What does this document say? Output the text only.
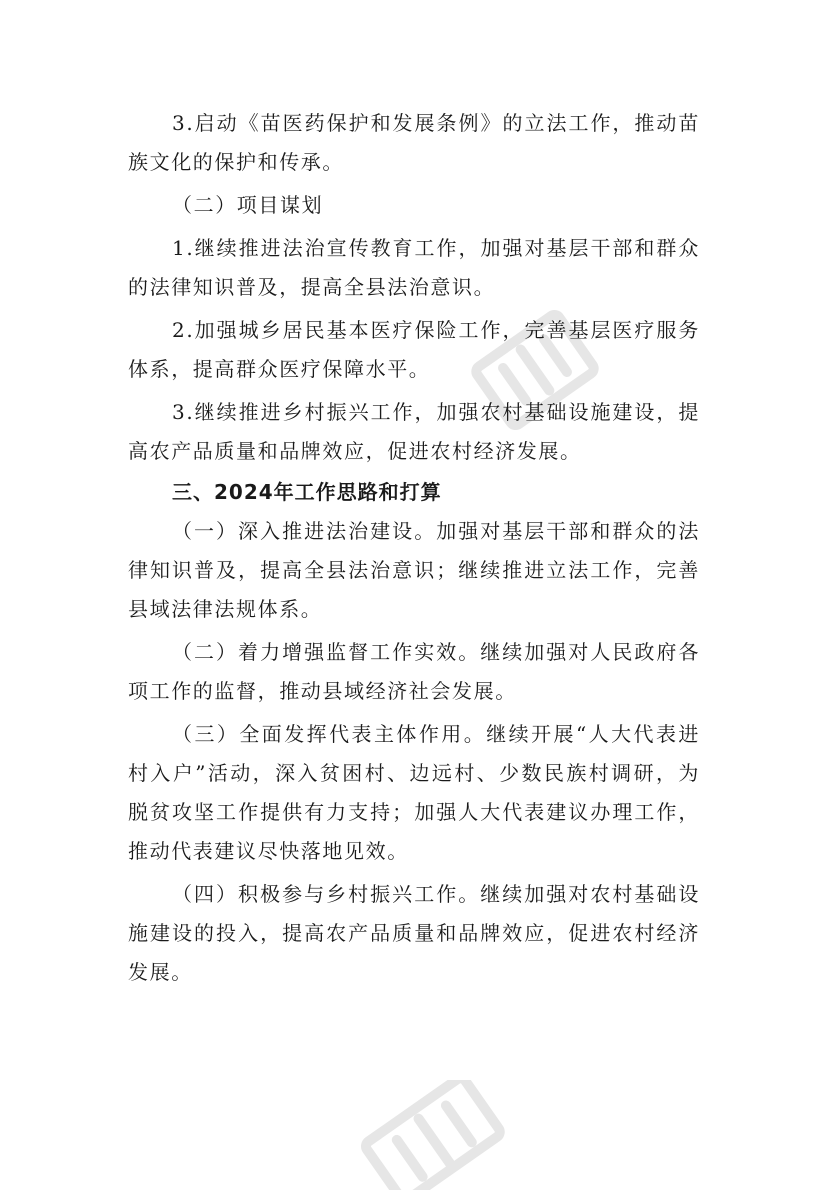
3.启动《苗医药保护和发展条例》的立法工作，推动苗族文化的保护和传承。

（二）项目谋划

1.继续推进法治宣传教育工作，加强对基层干部和群众的法律知识普及，提高全县法治意识。

2.加强城乡居民基本医疗保险工作，完善基层医疗服务体系，提高群众医疗保障水平。

3.继续推进乡村振兴工作，加强农村基础设施建设，提高农产品质量和品牌效应，促进农村经济发展。

三、2024年工作思路和打算

（一）深入推进法治建设。加强对基层干部和群众的法律知识普及，提高全县法治意识；继续推进立法工作，完善县域法律法规体系。

（二）着力增强监督工作实效。继续加强对人民政府各项工作的监督，推动县域经济社会发展。

（三）全面发挥代表主体作用。继续开展“人大代表进村入户”活动，深入贫困村、边远村、少数民族村调研，为脱贫攻坚工作提供有力支持；加强人大代表建议办理工作，推动代表建议尽快落地见效。

（四）积极参与乡村振兴工作。继续加强对农村基础设施建设的投入，提高农产品质量和品牌效应，促进农村经济发展。
